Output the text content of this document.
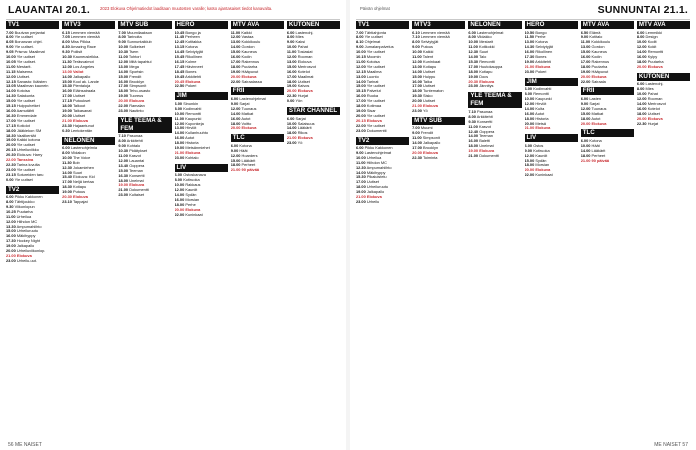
LAUANTAI 20.1. 2023 Elokuva Ohjelmatiedot laaditaan muutosten varalle; katso ajantasaiset tiedot kanavalta.
TV1
7.00 Buutvan perjantai
8.00 Yle uutiset
8.05 Bonanzan ohjel.
9.00 Yle uutiset.
9.05 Prisma: Maailmat
10.00 Yle uutiset
10.05 Yle uutiset.
11.00 Mestarit.
11.15 Maisema
12.00 Uutiset.
12.15 Sanasto: Ikäisten
13.05 Maailman kaunein
14.00 Kotoisa
14.30 Satakunta
15.00 Yle uutiset
15.15 Huippuhetket
16.00 Aamutähti
16.30 Emmerdale
17.00 Yle uutiset
17.15 Kotiolot
18.00 Jääkiekon SM
18.30 Vaalikentät
19.00 Kaikki kotona
20.00 Yle uutiset
20.15 Urheiluviikko
20.30 Elokuva: Harry
22.00 Tanssiva
22.30 Tarina luvulta
23.00 Yle uutiset
23.15 Sotureiden taru
0.00 Yle uutiset
TV2
6.00 Pikku Kakkonen
8.00 Tähtijoukko
9.30 Viikonlopun
10.25 Puutarha
11.00 Urheilua
12.00 Hiihdon MC
13.30 Ampumahiihto
15.00 Urheiluruutu
16.00 Mäkihyppy
17.30 Hockey Night
19.00 Jalkapallo
20.00 Urheiluviikonlop.
21.00 Elokuva
23.00 Urheilu-uut.
MTV3
6.15 Lemmen viemää
7.05 Lemmen viemää
8.00 Miss Pilkka
8.30 Amazing Race
9.30 Poliisit
10.30 Kauneusleikka.
11.30 Teräsvaimot
12.00 Los Angeles
13.00 Valiot
14.00 Jalkapallo
15.00 Kool ak. Lande
15.30 Pientaloja
16.00 Eläinsairaala
17.00 Uutiset
17.15 Putoukset
18.00 Talkoot
19.00 Taikasanat
20.00 Uutiset
21.00 Elokuva
23.30 Hajaantunut
0.30 Lentokentän
NELONEN
6.00 Lastenohjelmia
8.00 Viidakon
10.00 The Voice
11.30 Bob
12.30 Jokamiehen
14.00 Suuri
15.40 Elokuva: Kid
17.00 Neljä kertaa
18.30 Kotiapu
19.00 Putous
20.30 Elokuva
23.10 Tappajat
MTV SUB
7.00 Muumilaakson
8.00 Tarinoita
9.00 Sunnuntaiklub
10.00 Sulkeiset
10.30 Tsem
11.00 Tohtori
12.00 Mitä tapahtui
13.00 Mega
14.00 Sportsin
15.00 Frendit
16.00 Brooklyn
17.00 Simpsonit
18.00 Teho-osasto
19.00 Tuoreus
20.00 Elokuva
22.00 Ramalan
23.00 Nautinto
YLE TEEMA & FEM
7.10 Pasunaa
8.00 Arkkitehti
9.00 Kohtalo
10.30 Pidätykset
11.00 Kasvot
12.00 Lauantai
13.40 Ooppera
15.00 Teeman
16.30 Konsertti
18.00 Unelmat
19.00 Elokuva
21.00 Dokumentti
23.00 Kultaiset
HERO
10.45 Bongo ja
11.45 Perheen
12.45 Kotitakka
13.15 Kotona
14.45 Selviytyjät
15.45 Rikollinen
16.15 Kolme
17.45 Hävinneet
18.45 Bones
19.45 Arkkitehti
20.45 Elokuva
22.50 Pokeri
JIM
6.00 Sinunkin
8.00 Kodinvahti
10.00 Remontti
11.00 Kaupunki
12.00 Kuponkeja
13.00 Hirviöt
14.00 Kullanhuuhto
16.00 Autot
18.00 Historia
19.00 Metsänmiehet
21.00 Elokuva
23.00 Kohtalo
LIV
6.00 Ostoskanava
8.00 Kotiruoka
10.00 Rakkaus
12.00 Kauniit
14.00 Sydän
16.00 Morsian
18.00 Perhe
20.00 Elokuva
22.00 Kuninkaat
MTV AVA
11.00 Kaikki
12.00 Vastaa
13.00 Kokkikoulu
14.00 Gordon
15.00 Kauneus
16.00 Kodin
17.00 Rakennus
18.00 Puutarha
19.00 Hääpuvut
20.00 Elokuva
22.00 Sairaalassa
FRII
6.00 Lastenohjelmat
9.00 Sarjat
12.00 Tuunaus
14.00 Matkat
16.00 Autot
18.00 Voitto
20.00 Elokuva
TLC
6.00 Kotona
9.00 Häät
12.00 Hoarders
15.00 Lääkärit
18.00 Perheet
21.00 90 päivää
KUTONEN
6.00 Lastenohj.
8.00 Mies
9.00 Kaksi
10.00 Pahat
11.00 Tosiasiat
12.00 Rooman
13.00 Elokuva
15.00 Merirosvot
16.00 Kotelot
17.00 Maailmat
18.00 Uutiset
19.00 Kaivos
20.00 Elokuva
22.30 Hurjat
0.00 Yön
STAR CHANNEL
6.00 Sarjat
10.00 Salaisuus
14.00 Lääkärit
18.00 Rikos
21.00 Elokuva
23.00 Yö
56 ME NAISET
SUNNUNTAI 21.1.
Päivän ohjelmat
TV1
7.00 Tähtiahjonta
8.00 Yle uutiset
8.10 Ohjelmat
9.00 Jumalanpalvelus
10.00 Yle uutiset
10.15 Moomin
11.00 Kotoisa
12.00 Yle uutiset
12.15 Maailma
13.00 Luonto
14.00 Tarinat
15.00 Yle uutiset
15.15 Palvelut
16.00 Ruoka
17.00 Yle uutiset
18.00 Kotimaa
19.00 Sisar
20.00 Yle uutiset
20.15 Elokuva
22.00 Yle uutiset
23.00 Dokumentti
TV2
6.00 Pikku Kakkonen
9.00 Lastenohjelmat
10.00 Urheilua
11.00 Hiihdon MC
12.30 Ampumahiihto
14.00 Mäkihyppy
15.30 Pikaluistelu
17.00 Uutiset
18.00 Urheiluruutu
19.00 Jalkapallo
21.00 Elokuva
23.00 Urheilu
MTV3
6.10 Lemmen viemää
7.10 Lemmen viemää
8.00 Selviytyjät
9.00 Putous
10.00 Kaikki
11.00 Talent
12.00 Kuninkaat
13.00 Kotiapu
14.00 Uutiset
15.00 Huippu
16.00 Taika
17.00 Uutiset
18.00 Tuntematon
19.30 Sisko
20.00 Uutiset
21.00 Elokuva
23.00 Yö
MTV SUB
7.00 Muumi
9.00 Frendit
11.00 Simpsonit
14.00 Jalkapallo
17.00 Brooklyn
20.00 Elokuva
22.30 Toiminta
NELONEN
6.00 Lastenohjelmat
8.00 Viidakko
10.00 Mestarit
11.00 Kotikokki
12.30 Suuri
14.00 Talo
15.30 Remontti
17.00 Huutokauppa
18.00 Kotiapu
19.00 Docs
20.30 Elokuva
23.00 Jännitys
YLE TEEMA & FEM
7.10 Pasunaa
8.00 Arkkitehti
9.30 Konsertti
11.00 Kasvot
12.40 Ooppera
14.00 Teeman
16.00 Baletti
18.00 Unelmat
19.00 Elokuva
21.00 Dokumentti
HERO
10.50 Bongo
11.50 Perhe
13.00 Kotona
14.30 Selviytyjät
16.00 Rikollinen
17.30 Bones
19.00 Arkkitehti
21.00 Elokuva
23.00 Pokeri
JIM
6.00 Kodinvahti
8.00 Remontti
10.00 Kaupunki
12.00 Hirviöt
14.00 Kulta
16.00 Autot
18.00 Historia
20.00 Metsä
21.00 Elokuva
LIV
6.00 Ostos
9.00 Kotiruoka
12.00 Kauniit
15.00 Sydän
18.00 Morsian
20.00 Elokuva
22.00 Kuninkaat
MTV AVA
6.50 Elämä
9.00 Kotitalo
11.00 Kokkikoulu
13.00 Gordon
15.00 Kauneus
16.00 Kodin
17.00 Rakennus
18.00 Puutarha
19.00 Hääpuvut
20.00 Elokuva
22.00 Sairaala
FRII
6.00 Lasten
9.00 Sarjat
12.00 Tuunaus
15.00 Matkat
18.00 Autot
20.00 Elokuva
TLC
6.00 Kotona
10.00 Häät
14.00 Lääkärit
18.00 Perheet
21.00 90 päivää
MTV AVA
6.00 Lemmikki
8.00 Design
10.00 Kodit
12.00 Kokit
14.00 Remontti
16.00 Kylpy
18.00 Puutarha
20.00 Elokuva
KUTONEN
6.00 Lastenohj.
8.00 Mies
10.00 Pahat
12.00 Rooman
14.00 Merirosvot
16.00 Kotelot
18.00 Uutiset
20.00 Elokuva
22.30 Hurjat
ME NAISET 57
